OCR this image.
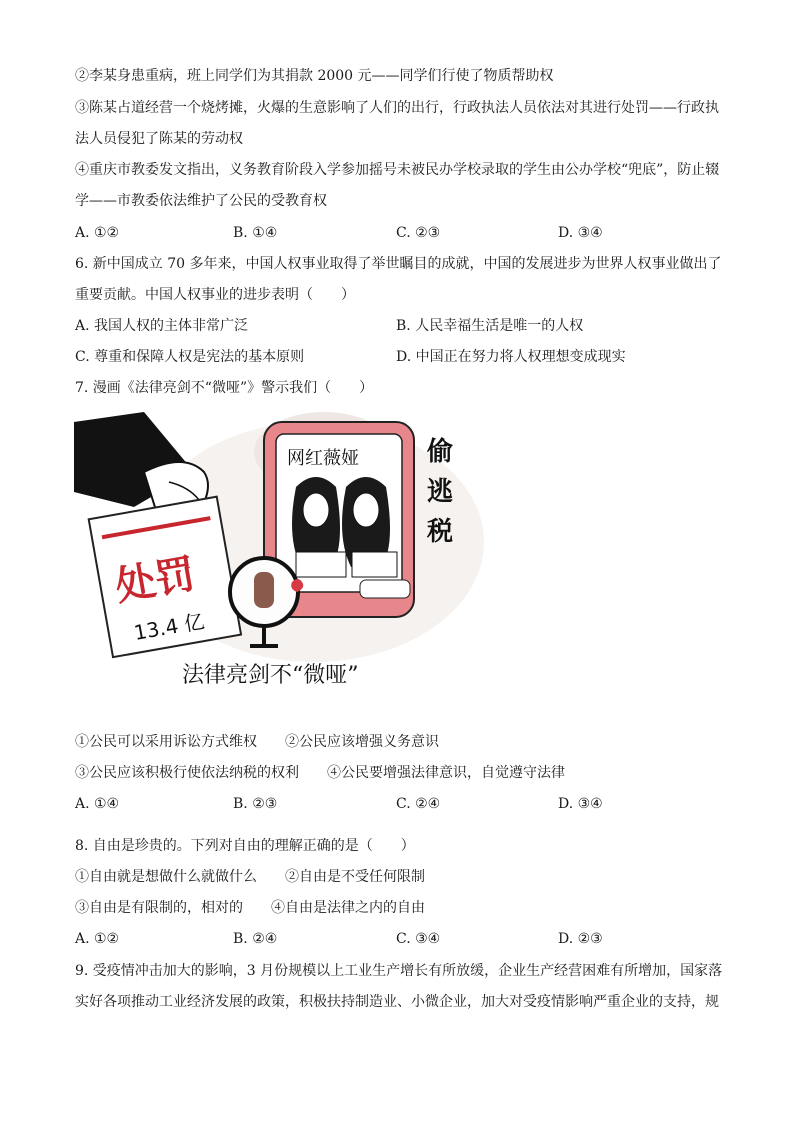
②李某身患重病，班上同学们为其捐款 2000 元——同学们行使了物质帮助权
③陈某占道经营一个烧烤摊，火爆的生意影响了人们的出行，行政执法人员依法对其进行处罚——行政执
法人员侵犯了陈某的劳动权
④重庆市教委发文指出，义务教育阶段入学参加摇号未被民办学校录取的学生由公办学校“兜底”，防止辍
学——市教委依法维护了公民的受教育权
A. ①②	B. ①④	C. ②③	D. ③④
6. 新中国成立 70 多年来，中国人权事业取得了举世瞩目的成就，中国的发展进步为世界人权事业做出了
重要贡献。中国人权事业的进步表明（　　）
A. 我国人权的主体非常广泛	B. 人民幸福生活是唯一的人权
C. 尊重和保障人权是宪法的基本原则	D. 中国正在努力将人权理想变成现实
7. 漫画《法律亮剑不“微哑”》警示我们（　　）
处罚
13.4 亿
网红薇娅	偷
逃
税
法律亮剑不“微哑”
①公民可以采用诉讼方式维权　　②公民应该增强义务意识
③公民应该积极行使依法纳税的权利　　④公民要增强法律意识，自觉遵守法律
A. ①④	B. ②③	C. ②④	D. ③④
8. 自由是珍贵的。下列对自由的理解正确的是（　　）
①自由就是想做什么就做什么　　②自由是不受任何限制
③自由是有限制的，相对的　　④自由是法律之内的自由
A. ①②	B. ②④	C. ③④	D. ②③
9. 受疫情冲击加大的影响，3 月份规模以上工业生产增长有所放缓，企业生产经营困难有所增加，国家落
实好各项推动工业经济发展的政策，积极扶持制造业、小微企业，加大对受疫情影响严重企业的支持，规
